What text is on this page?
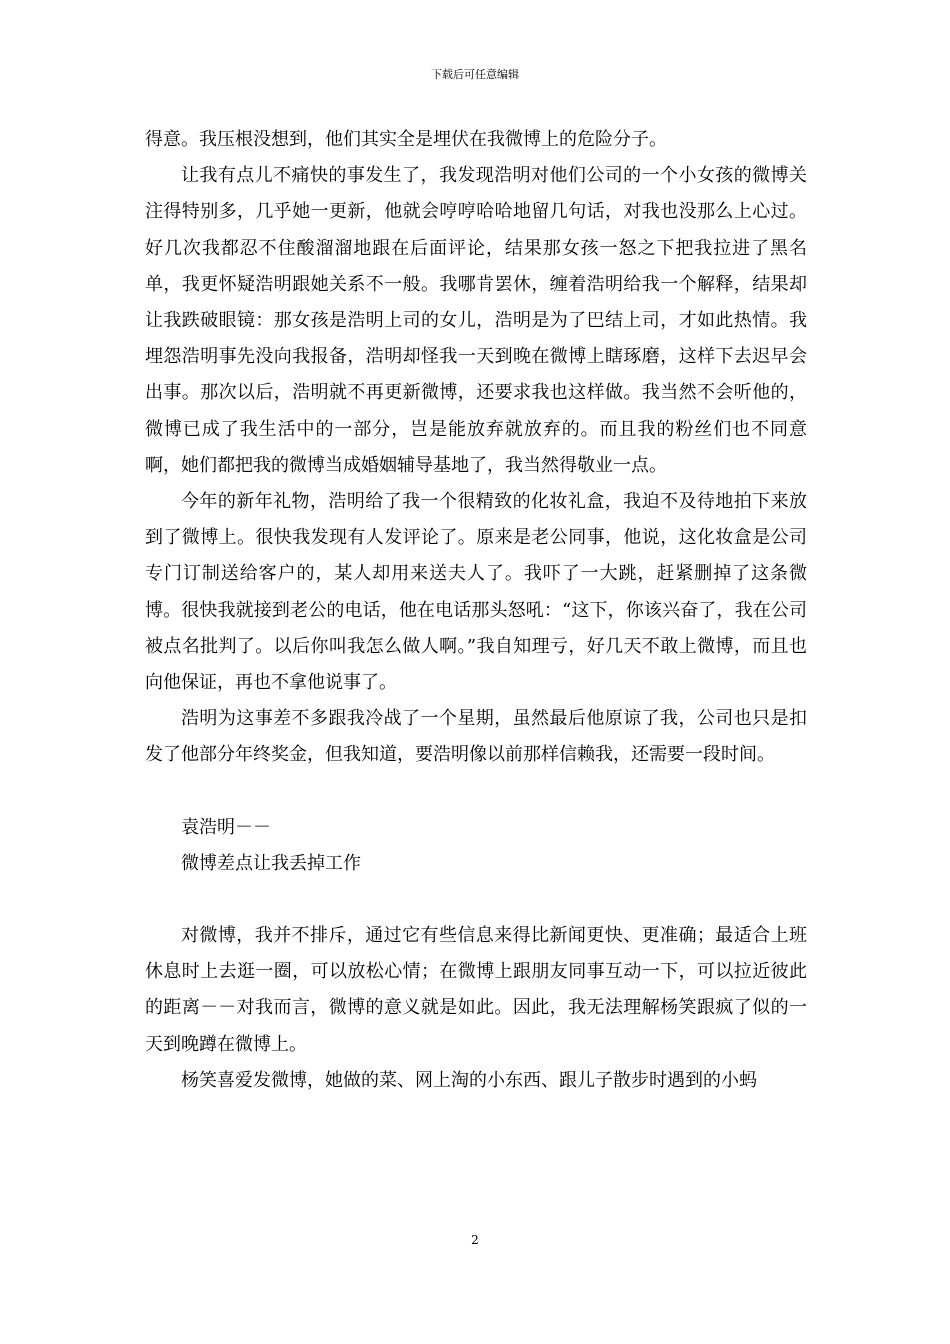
下载后可任意编辑

得意。我压根没想到，他们其实全是埋伏在我微博上的危险分子。

让我有点儿不痛快的事发生了，我发现浩明对他们公司的一个小女孩的微博关注得特别多，几乎她一更新，他就会哼哼哈哈地留几句话，对我也没那么上心过。好几次我都忍不住酸溜溜地跟在后面评论，结果那女孩一怒之下把我拉进了黑名单，我更怀疑浩明跟她关系不一般。我哪肯罢休，缠着浩明给我一个解释，结果却让我跌破眼镜：那女孩是浩明上司的女儿，浩明是为了巴结上司，才如此热情。我埋怨浩明事先没向我报备，浩明却怪我一天到晚在微博上瞎琢磨，这样下去迟早会出事。那次以后，浩明就不再更新微博，还要求我也这样做。我当然不会听他的，微博已成了我生活中的一部分，岂是能放弃就放弃的。而且我的粉丝们也不同意啊，她们都把我的微博当成婚姻辅导基地了，我当然得敬业一点。

今年的新年礼物，浩明给了我一个很精致的化妆礼盒，我迫不及待地拍下来放到了微博上。很快我发现有人发评论了。原来是老公同事，他说，这化妆盒是公司专门订制送给客户的，某人却用来送夫人了。我吓了一大跳，赶紧删掉了这条微博。很快我就接到老公的电话，他在电话那头怒吼：“这下，你该兴奋了，我在公司被点名批判了。以后你叫我怎么做人啊。”我自知理亏，好几天不敢上微博，而且也向他保证，再也不拿他说事了。

浩明为这事差不多跟我冷战了一个星期，虽然最后他原谅了我，公司也只是扣发了他部分年终奖金，但我知道，要浩明像以前那样信赖我，还需要一段时间。

袁浩明－－

微博差点让我丢掉工作

对微博，我并不排斥，通过它有些信息来得比新闻更快、更准确；最适合上班休息时上去逛一圈，可以放松心情；在微博上跟朋友同事互动一下，可以拉近彼此的距离－－对我而言，微博的意义就是如此。因此，我无法理解杨笑跟疯了似的一天到晚蹲在微博上。

杨笑喜爱发微博，她做的菜、网上淘的小东西、跟儿子散步时遇到的小蚂

2
